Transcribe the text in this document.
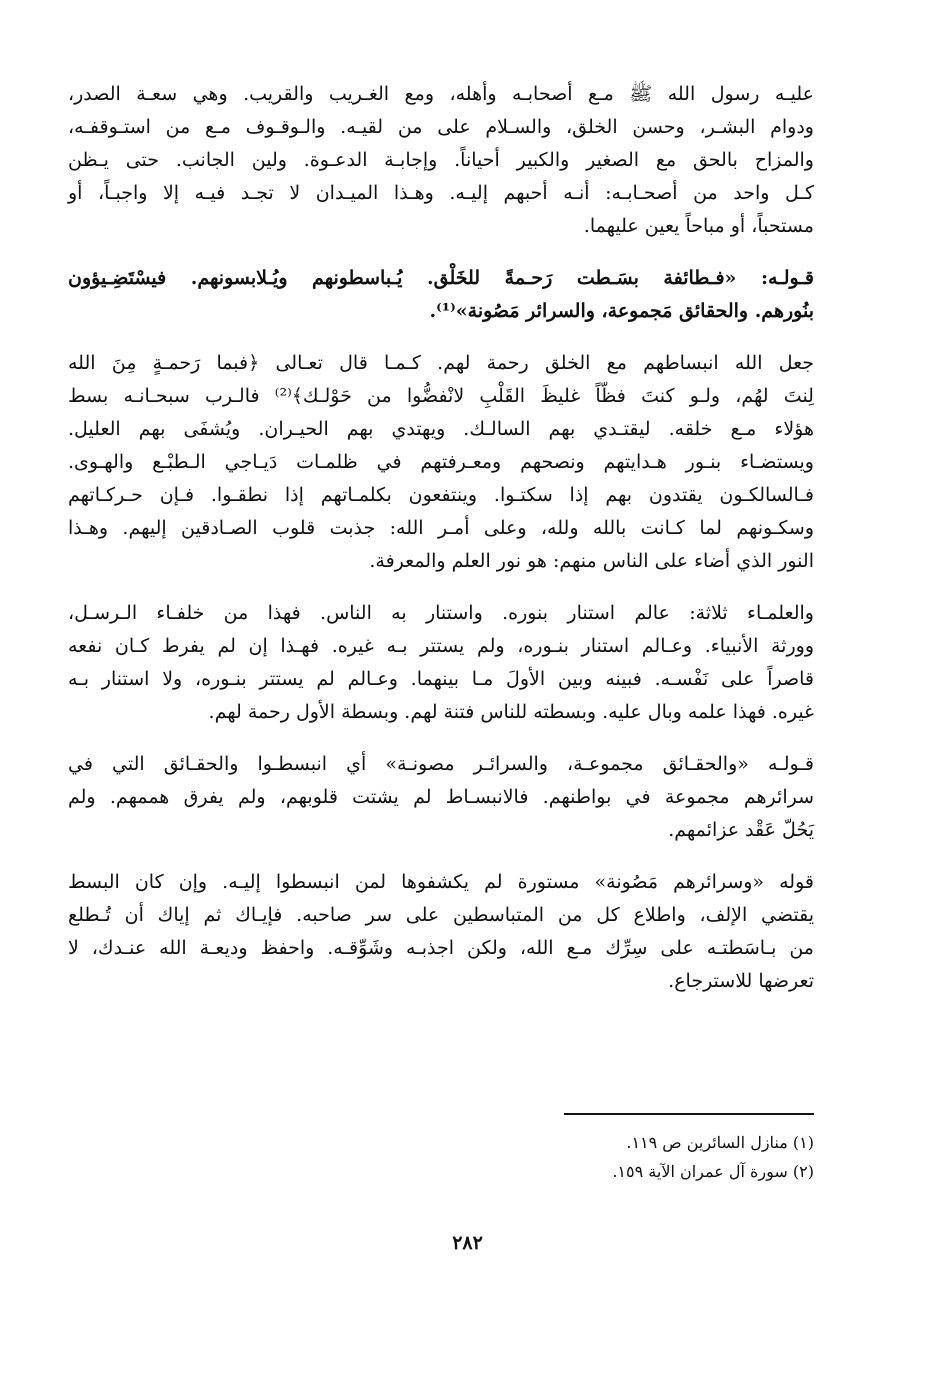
عليـه رسول الله ﷺ مـع أصحابـه وأهله، ومع الغـريب والقريب. وهي سعـة الصدر،
ودوام البشـر، وحسن الخلق، والسـلام على من لقيـه. والـوقـوف مـع من استـوقفـه،
والمزاح بالحق مع الصغير والكبير أحياناً. وإجابـة الدعـوة. ولين الجانب. حتى يـظن
كـل واحد من أصحـابـه: أنـه أحبهم إليـه. وهـذا الميـدان لا تجـد فيـه إلا واجبـاً، أو
مستحباً، أو مباحاً يعين عليهما.
قـولـه: «فـطائفة بسَـطت رَحـمةً للخَلْق. يُـباسطونهم ويُـلابسونهم. فيسْتَضِـيؤون
بنُورهم. والحقائق مَجموعة، والسرائر مَصُونة»⁽¹⁾.
جعل الله انبساطهم مع الخلق رحمة لهم. كـمـا قال تعـالى ﴿فبما رَحمـةٍ مِنَ الله
لِنتَ لهُم، ولـو كنتَ فظّاً غليظَ القَلْبِ لانْفضُّوا من حَوْلـك﴾⁽²⁾ فالـرب سبحـانـه بسط
هؤلاء مـع خلقه. ليقتـدي بهم السالـك. ويهتدي بهم الحيـران. ويُشفَى بهم العليل.
ويستضـاء بنـور هـدايتهم ونصحهم ومعـرفتهم في ظلمـات دَيـاجي الـطبْـع والهـوى.
فـالسالكـون يقتدون بهم إذا سكتـوا. وينتفعون بكلمـاتهم إذا نطقـوا. فـإن حـركـاتهم
وسكـونهم لما كـانت بالله ولله، وعلى أمـر الله: جذبت قلوب الصـادقين إليهم. وهـذا
النور الذي أضاء على الناس منهم: هو نور العلم والمعرفة.
والعلمـاء ثلاثة: عالم استنار بنوره. واستنار به الناس. فهذا من خلفـاء الـرسـل،
وورثة الأنبياء. وعـالم استنار بنـوره، ولم يستتر بـه غيره. فهـذا إن لم يفرط كـان نفعه
قاصراً على نَفْسـه. فبينه وبين الأولَ مـا بينهما. وعـالم لم يستتر بنـوره، ولا استنار بـه
غيره. فهذا علمه وبال عليه. وبسطته للناس فتنة لهم. وبسطة الأول رحمة لهم.
قـولـه «والحقـائق مجموعـة، والسرائـر مصونـة» أي انبسطـوا والحقـائق التي في
سرائرهم مجموعة في بواطنهم. فالانبسـاط لم يشتت قلوبهم، ولم يفرق هممهم. ولم
يَحُلّ عَقْد عزائمهم.
قوله «وسرائرهم مَصُونة» مستورة لم يكشفوها لمن انبسطوا إليـه. وإن كان البسط
يقتضي الإلف، واطلاع كل من المتباسطين على سر صاحبه. فإيـاك ثم إياك أن تُـطلع
من بـاسَطتـه على سِرِّك مـع الله، ولكن اجذبـه وشَوِّقـه. واحفظ وديعـة الله عنـدك، لا
تعرضها للاسترجاع.
(١) منازل السائرين ص ١١٩.
(٢) سورة آل عمران الآية ١٥٩.
٢٨٢
